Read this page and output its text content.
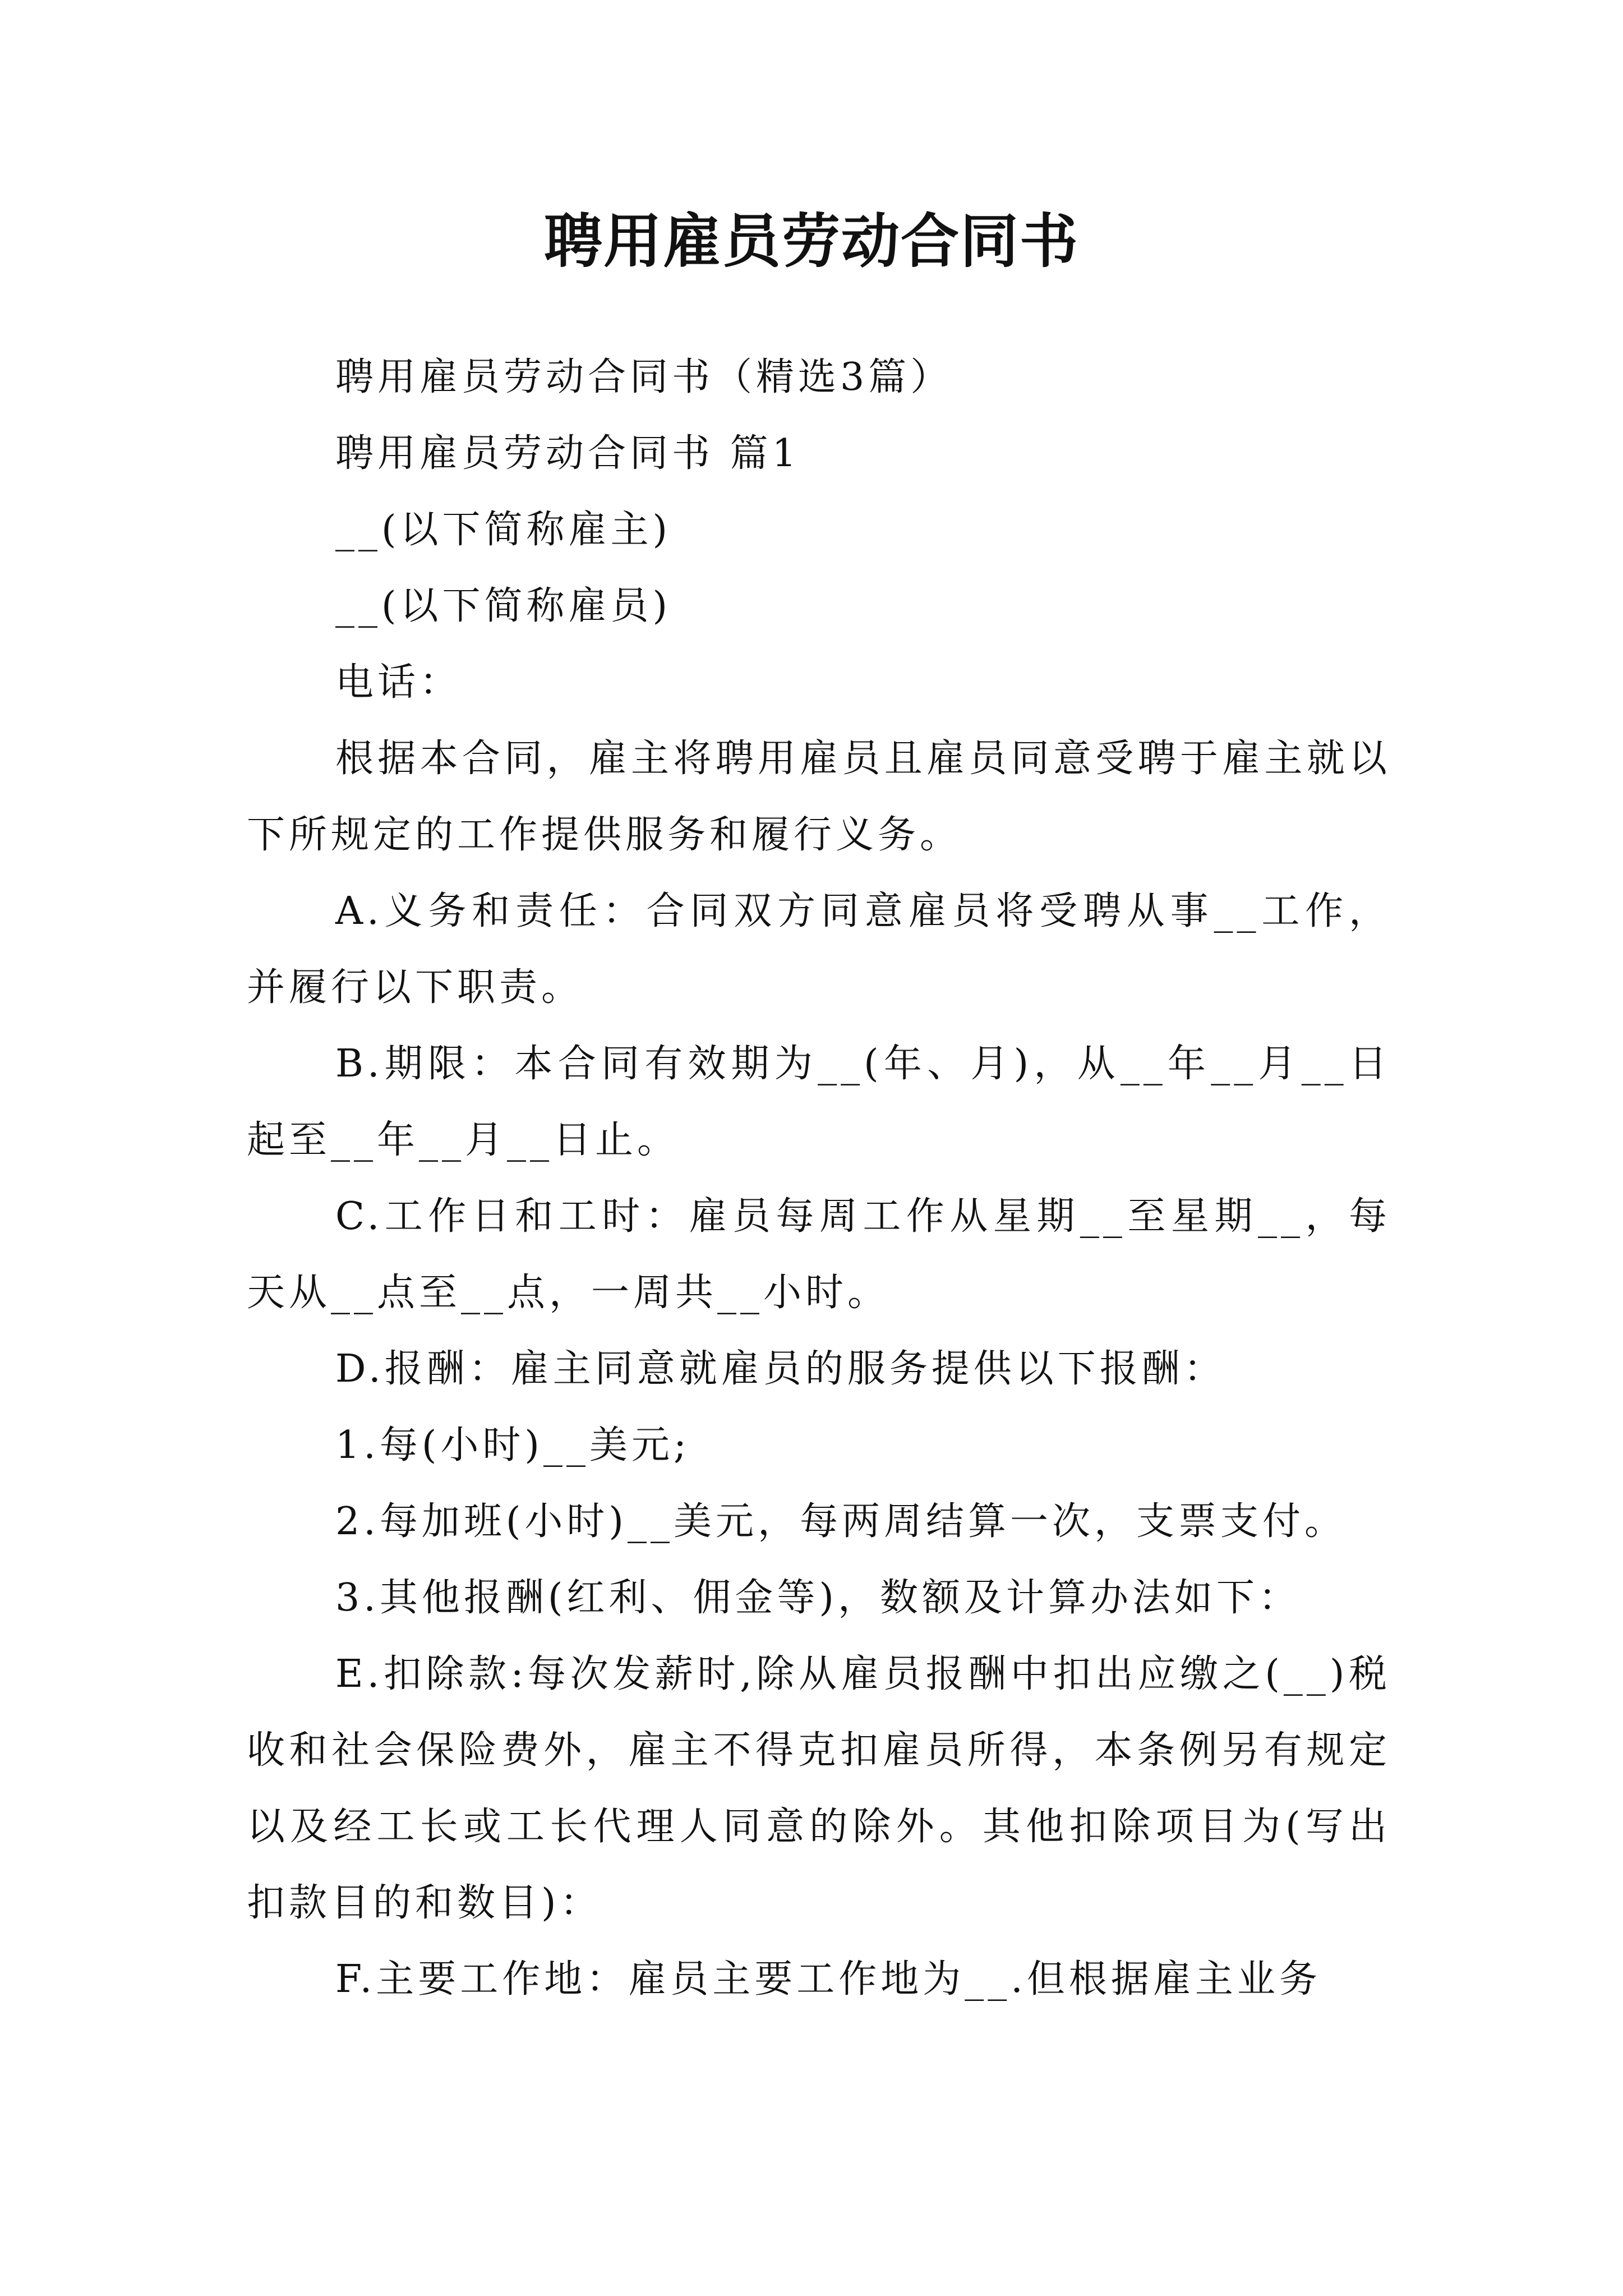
聘用雇员劳动合同书

聘用雇员劳动合同书（精选3篇）

聘用雇员劳动合同书 篇1

__(以下简称雇主)

__(以下简称雇员)

电话：

根据本合同，雇主将聘用雇员且雇员同意受聘于雇主就以下所规定的工作提供服务和履行义务。

A.义务和责任：合同双方同意雇员将受聘从事__工作，并履行以下职责。

B.期限：本合同有效期为__(年、月)，从__年__月__日起至__年__月__日止。

C.工作日和工时：雇员每周工作从星期__至星期__，每天从__点至__点，一周共__小时。

D.报酬：雇主同意就雇员的服务提供以下报酬：

1.每(小时)__美元;

2.每加班(小时)__美元，每两周结算一次，支票支付。

3.其他报酬(红利、佣金等)，数额及计算办法如下：

E.扣除款:每次发薪时,除从雇员报酬中扣出应缴之(__)税收和社会保险费外，雇主不得克扣雇员所得，本条例另有规定以及经工长或工长代理人同意的除外。其他扣除项目为(写出扣款目的和数目)：

F.主要工作地：雇员主要工作地为__.但根据雇主业务
